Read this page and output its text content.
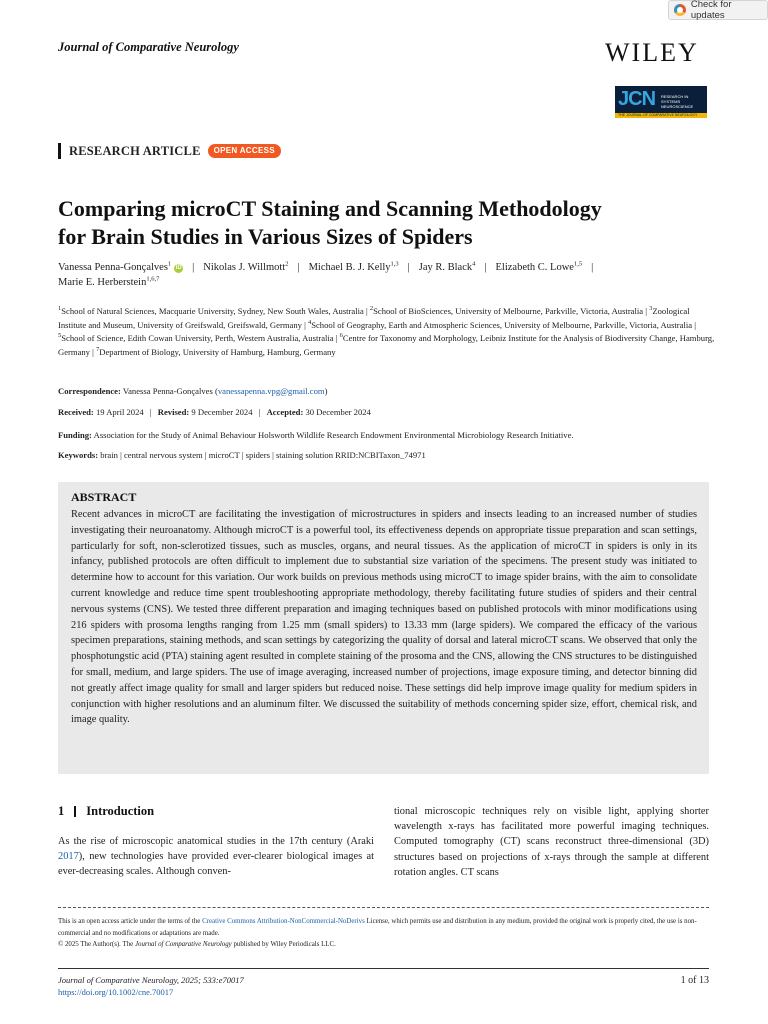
Check for updates
Journal of Comparative Neurology	WILEY
JCN RESEARCH IN SYSTEMS NEUROSCIENCE
THE JOURNAL OF COMPARATIVE NEUROLOGY
RESEARCH ARTICLE	OPEN ACCESS
Comparing microCT Staining and Scanning Methodology
for Brain Studies in Various Sizes of Spiders
Vanessa Penna-Gonçalves$^1$iD | Nikolas J. Willmott$^2$ | Michael B. J. Kelly$^{1,3}$ | Jay R. Black$^4$ | Elizabeth C. Lowe$^{1,5}$ |
Marie E. Herberstein$^{1,6,7}$
$^1$School of Natural Sciences, Macquarie University, Sydney, New South Wales, Australia | $^2$School of BioSciences, University of Melbourne, Parkville, Victoria, Australia | $^3$Zoological Institute and Museum, University of Greifswald, Greifswald, Germany | $^4$School of Geography, Earth and Atmospheric Sciences, University of Melbourne, Parkville, Victoria, Australia | $^5$School of Science, Edith Cowan University, Perth, Western Australia, Australia | $^6$Centre for Taxonomy and Morphology, Leibniz Institute for the Analysis of Biodiversity Change, Hamburg, Germany | $^7$Department of Biology, University of Hamburg, Hamburg, Germany
Correspondence: Vanessa Penna-Gonçalves (vanessapenna.vpg@gmail.com)
Received: 19 April 2024 | Revised: 9 December 2024 | Accepted: 30 December 2024
Funding: Association for the Study of Animal Behaviour Holsworth Wildlife Research Endowment Environmental Microbiology Research Initiative.
Keywords: brain | central nervous system | microCT | spiders | staining solution RRID:NCBITaxon_74971
ABSTRACT
Recent advances in microCT are facilitating the investigation of microstructures in spiders and insects leading to an increased number of studies investigating their neuroanatomy. Although microCT is a powerful tool, its effectiveness depends on appropriate tissue preparation and scan settings, particularly for soft, non-sclerotized tissues, such as muscles, organs, and neural tissues. As the application of microCT in spiders is only in its infancy, published protocols are often difficult to implement due to substantial size variation of the specimens. The present study was initiated to determine how to account for this variation. Our work builds on previous methods using microCT to image spider brains, with the aim to consolidate current knowledge and reduce time spent troubleshooting appropriate methodology, thereby facilitating future studies of spiders and their central nervous systems (CNS). We tested three different preparation and imaging techniques based on published protocols with minor modifications using 216 spiders with prosoma lengths ranging from 1.25 mm (small spiders) to 13.33 mm (large spiders). We compared the efficacy of the various specimen preparations, staining methods, and scan settings by categorizing the quality of dorsal and lateral microCT scans. We observed that only the phosphotungstic acid (PTA) staining agent resulted in complete staining of the prosoma and the CNS, allowing the CNS structures to be distinguished for small, medium, and large spiders. The use of image averaging, increased number of projections, image exposure timing, and detector binning did not greatly affect image quality for small and larger spiders but reduced noise. These settings did help improve image quality for medium spiders in conjunction with higher resolutions and an aluminum filter. We discussed the suitability of methods concerning spider size, effort, chemical risk, and image quality.
1 Introduction
As the rise of microscopic anatomical studies in the 17th century (Araki 2017), new technologies have provided ever-clearer biological images at ever-decreasing scales. Although conven-
tional microscopic techniques rely on visible light, applying shorter wavelength x-rays has facilitated more powerful imaging techniques. Computed tomography (CT) scans reconstruct three-dimensional (3D) structures based on projections of x-rays through the sample at different rotation angles. CT scans
This is an open access article under the terms of the Creative Commons Attribution-NonCommercial-NoDerivs License, which permits use and distribution in any medium, provided the original work is properly cited, the use is non-commercial and no modifications or adaptations are made.
© 2025 The Author(s). The Journal of Comparative Neurology published by Wiley Periodicals LLC.
Journal of Comparative Neurology, 2025; 533:e70017
https://doi.org/10.1002/cne.70017
1 of 13
